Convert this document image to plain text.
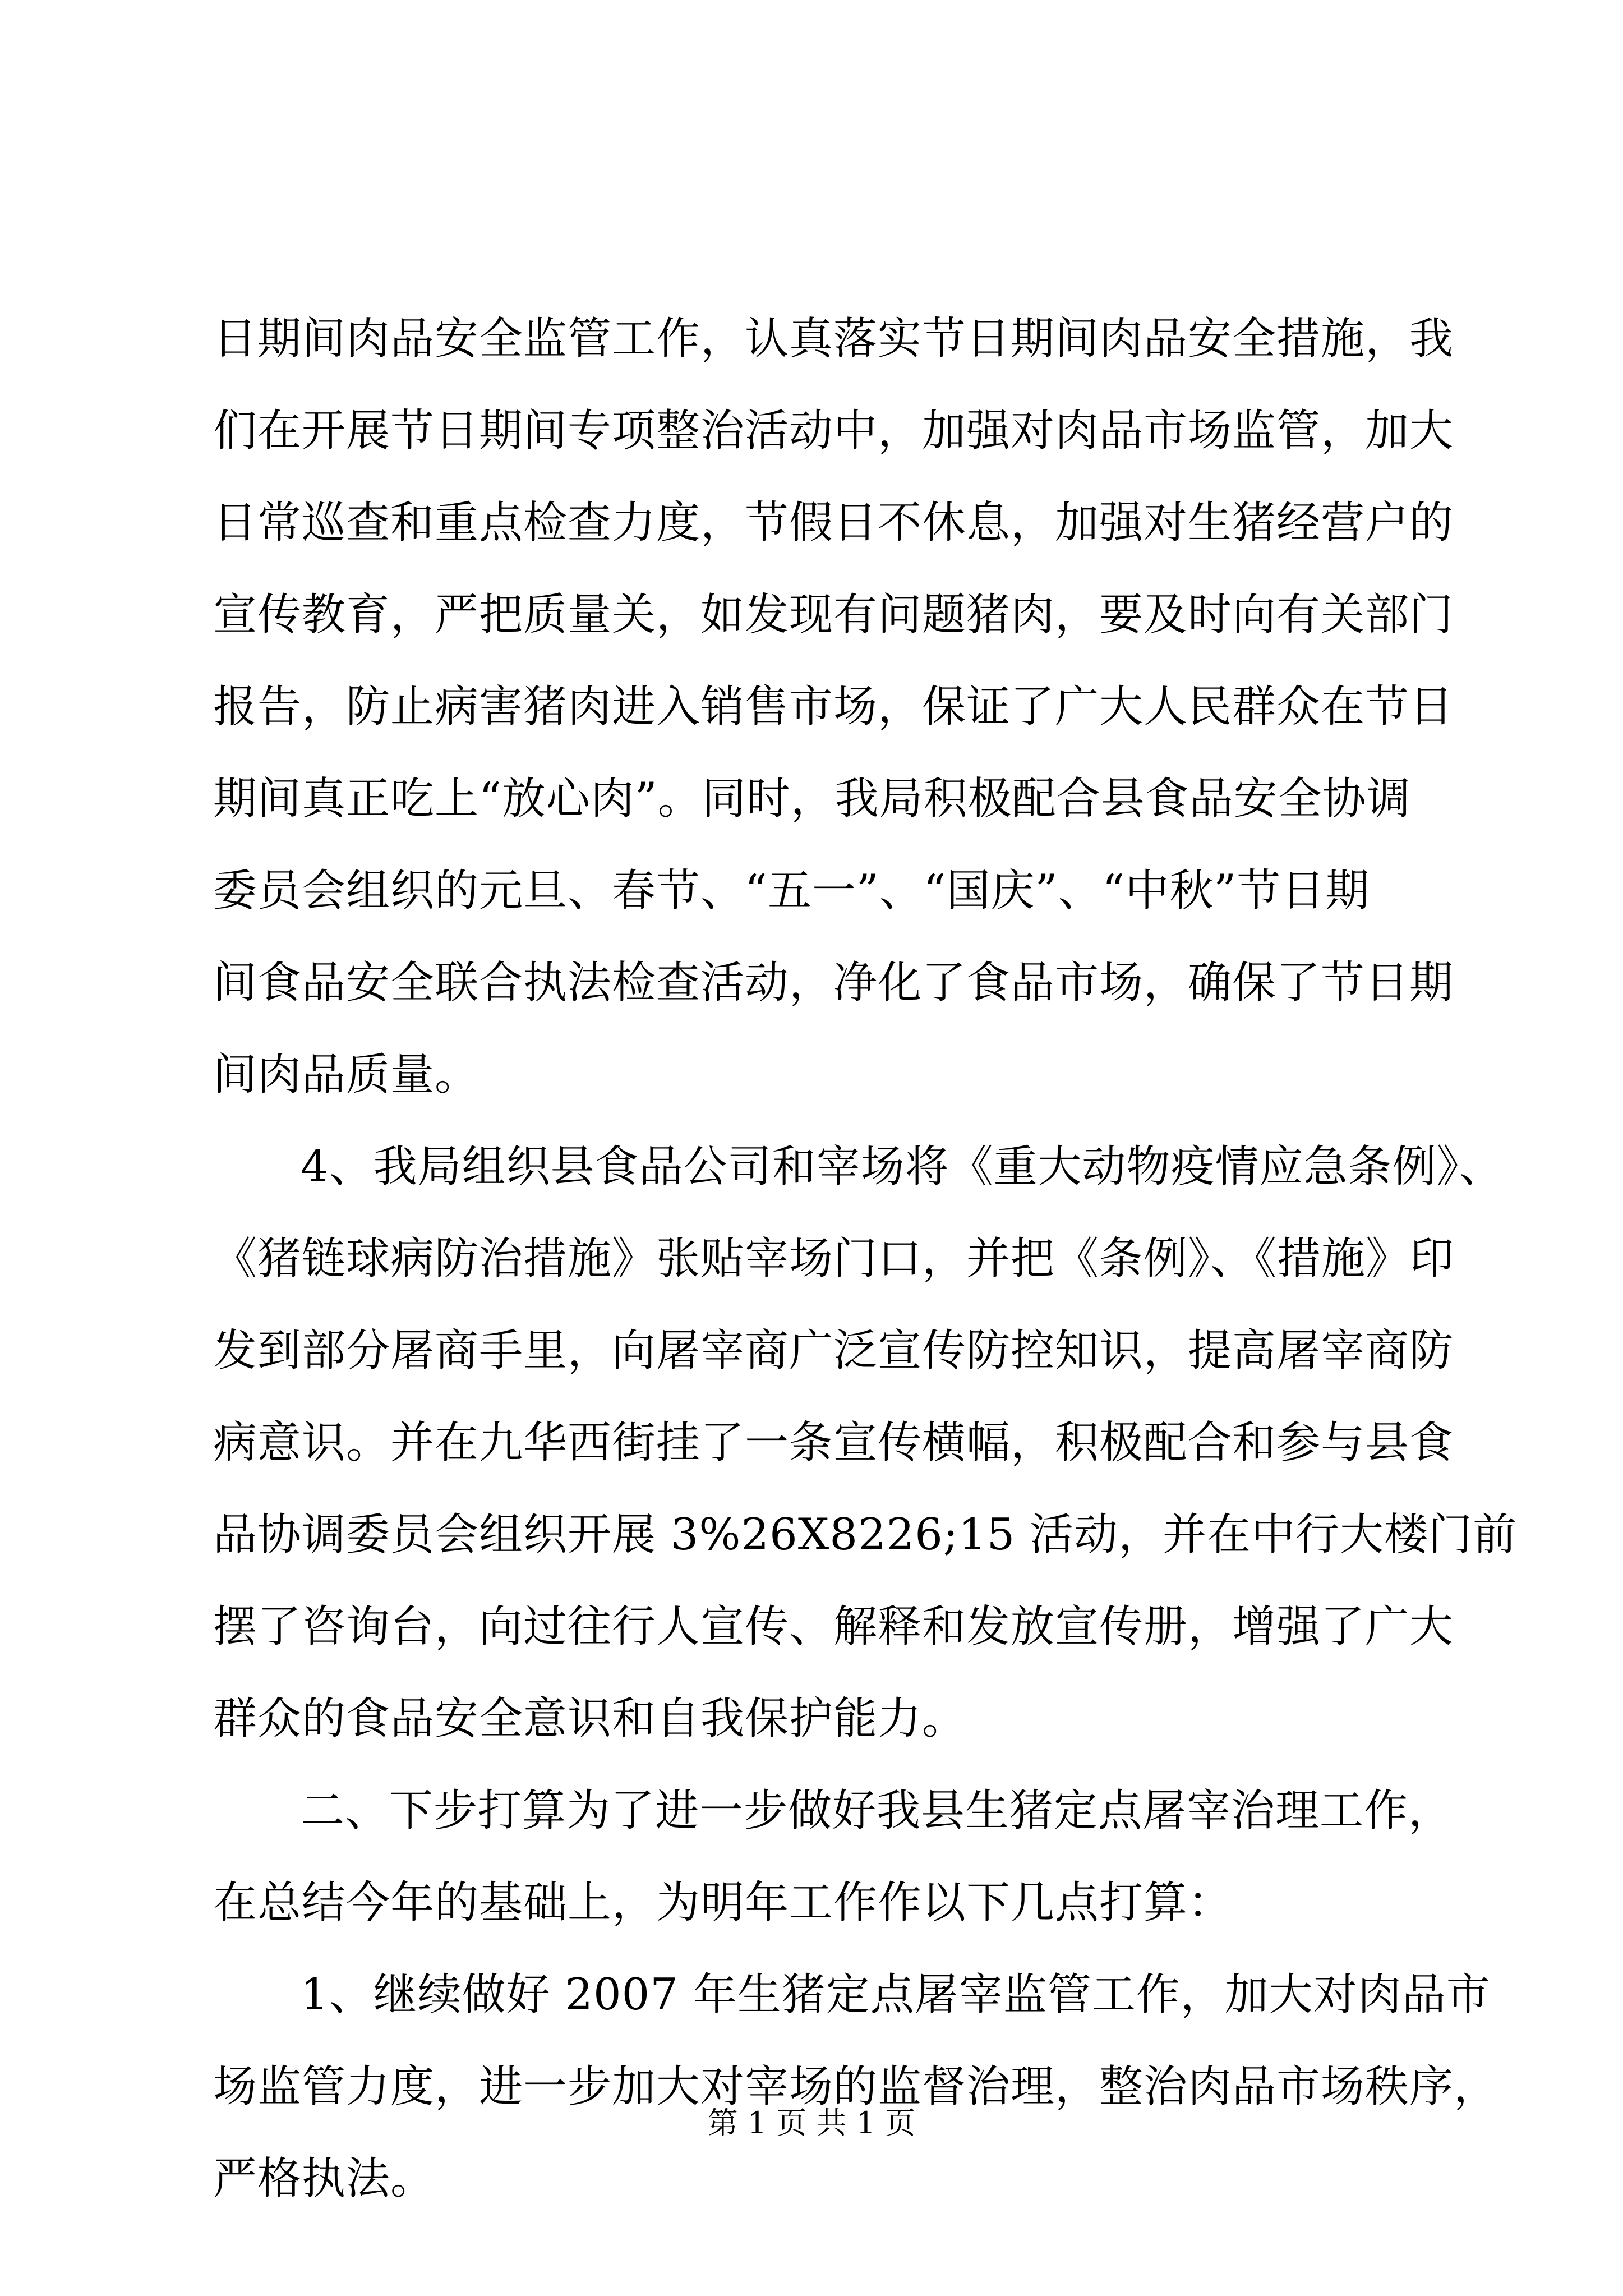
日期间肉品安全监管工作，认真落实节日期间肉品安全措施，我
们在开展节日期间专项整治活动中，加强对肉品市场监管，加大
日常巡查和重点检查力度，节假日不休息，加强对生猪经营户的
宣传教育，严把质量关，如发现有问题猪肉，要及时向有关部门
报告，防止病害猪肉进入销售市场，保证了广大人民群众在节日
期间真正吃上“放心肉”。同时，我局积极配合县食品安全协调
委员会组织的元旦、春节、“五一”、“国庆”、“中秋”节日期
间食品安全联合执法检查活动，净化了食品市场，确保了节日期
间肉品质量。
4、我局组织县食品公司和宰场将《重大动物疫情应急条例》、
《猪链球病防治措施》张贴宰场门口，并把《条例》、《措施》印
发到部分屠商手里，向屠宰商广泛宣传防控知识，提高屠宰商防
病意识。并在九华西街挂了一条宣传横幅，积极配合和参与县食
品协调委员会组织开展 3%26X8226;15 活动，并在中行大楼门前
摆了咨询台，向过往行人宣传、解释和发放宣传册，增强了广大
群众的食品安全意识和自我保护能力。
二、下步打算为了进一步做好我县生猪定点屠宰治理工作，
在总结今年的基础上，为明年工作作以下几点打算：
1、继续做好 2007 年生猪定点屠宰监管工作，加大对肉品市
场监管力度，进一步加大对宰场的监督治理，整治肉品市场秩序，
严格执法。
第 1 页 共 1 页
